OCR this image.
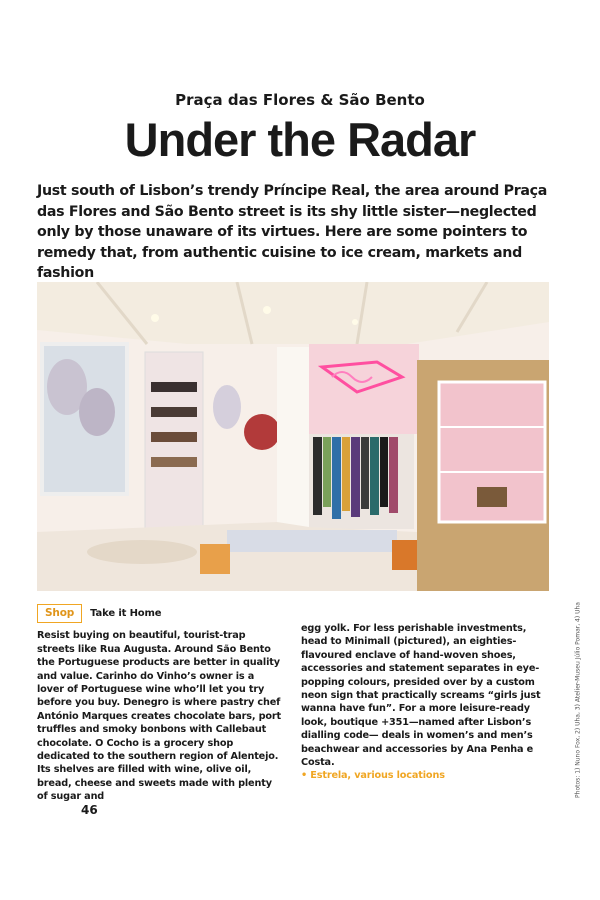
Praça das Flores & São Bento
Under the Radar

Just south of Lisbon’s trendy Príncipe Real, the area around Praça das Flores and São Bento street is its shy little sister—neglected only by those unaware of its virtues. Here are some pointers to remedy that, from authentic cuisine to ice cream, markets and fashion

Photos: 1) Nuno Fox, 2) Uha, 3) Atelier-Museu Júlio Pomar, 4) Uha
Shop	Take it Home

Resist buying on beautiful, tourist-trap streets like Rua Augusta. Around São Bento the Portuguese products are better in quality and value. Carinho do Vinho’s owner is a lover of Portuguese wine who’ll let you try before you buy. Denegro is where pastry chef António Marques creates chocolate bars, port truffles and smoky bonbons with Callebaut chocolate. O Cocho is a grocery shop dedicated to the southern region of Alentejo. Its shelves are filled with wine, olive oil, bread, cheese and sweets made with plenty of sugar and

egg yolk. For less perishable investments, head to Minimall (pictured), an eighties-flavoured enclave of hand-woven shoes, accessories and statement separates in eye-popping colours, presided over by a custom neon sign that practically screams “girls just wanna have fun”. For a more leisure-ready look, boutique +351—named after Lisbon’s dialling code— deals in women’s and men’s beachwear and accessories by Ana Penha e Costa.

• Estrela, various locations

46
